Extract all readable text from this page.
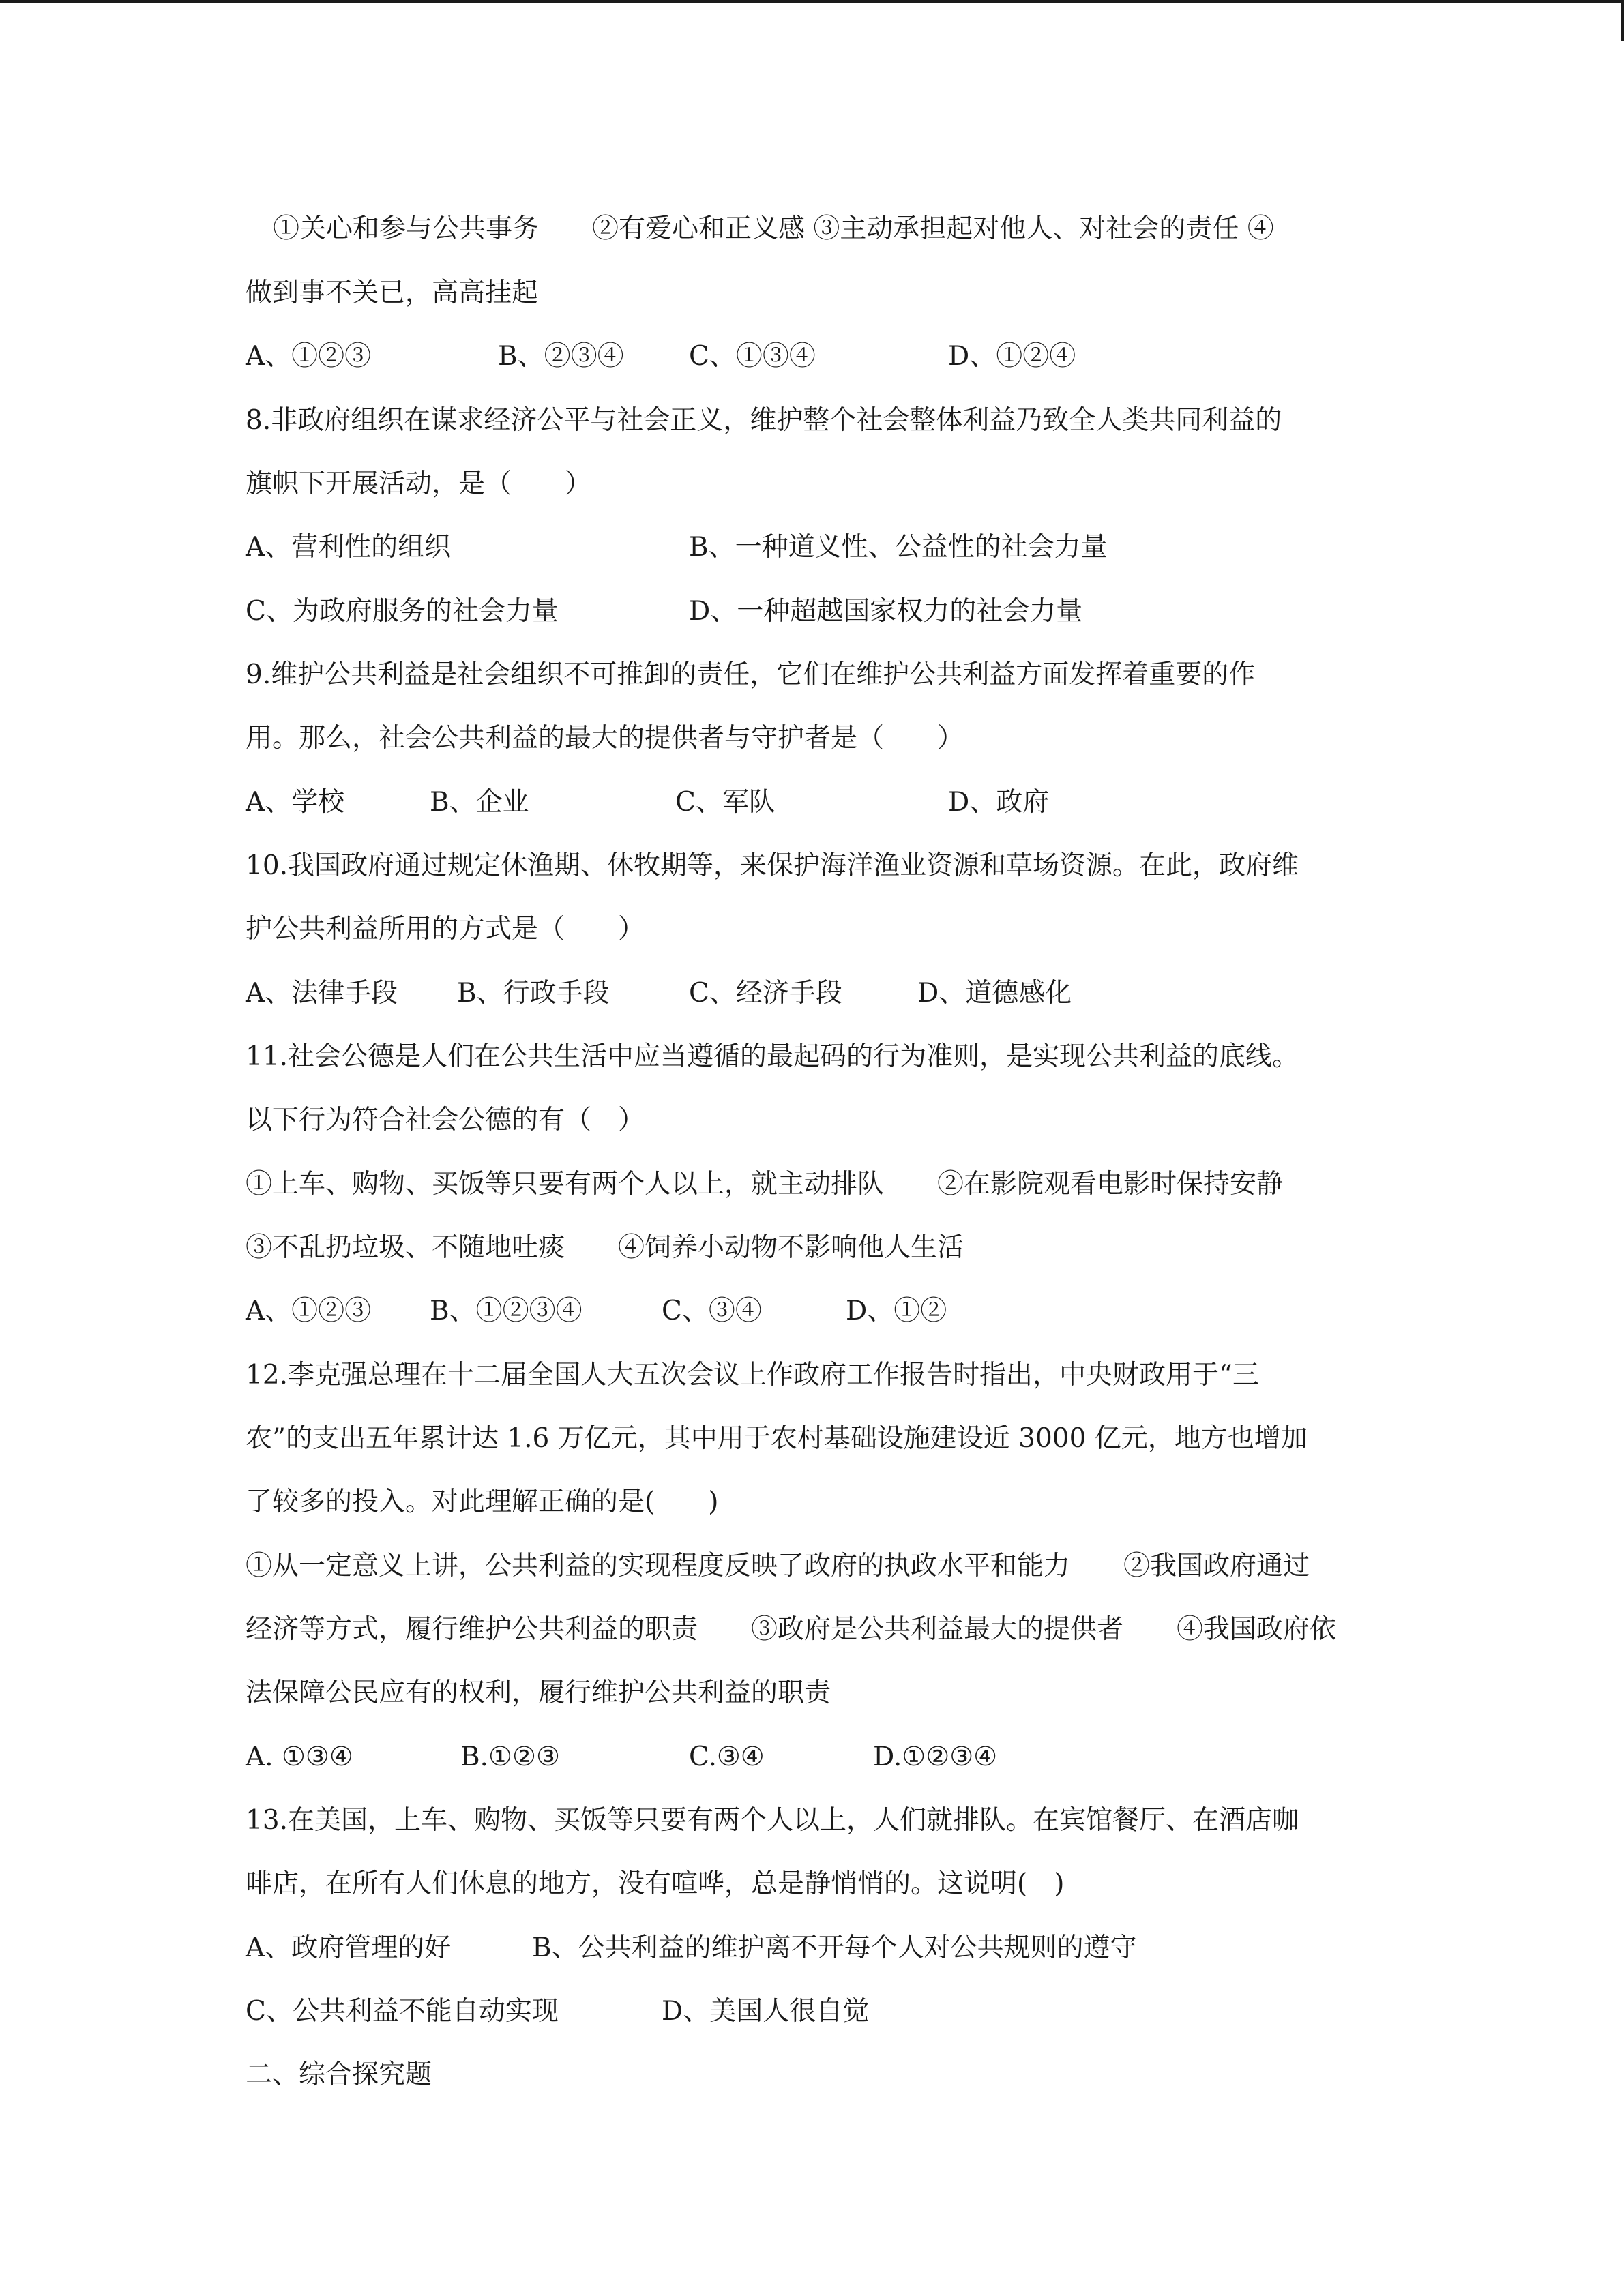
①关心和参与公共事务　　②有爱心和正义感 ③主动承担起对他人、对社会的责任 ④
做到事不关已，高高挂起
A、①②③	B、②③④ C、①③④	D、①②④
8.非政府组织在谋求经济公平与社会正义，维护整个社会整体利益乃致全人类共同利益的
旗帜下开展活动，是（　　）
A、营利性的组织	B、一种道义性、公益性的社会力量
C、为政府服务的社会力量	D、一种超越国家权力的社会力量
9.维护公共利益是社会组织不可推卸的责任，它们在维护公共利益方面发挥着重要的作
用。那么，社会公共利益的最大的提供者与守护者是（　　）
A、学校	B、企业	C、军队	D、政府
10.我国政府通过规定休渔期、休牧期等，来保护海洋渔业资源和草场资源。在此，政府维
护公共利益所用的方式是（　　）
A、法律手段 B、行政手段	C、经济手段	D、道德感化
11.社会公德是人们在公共生活中应当遵循的最起码的行为准则，是实现公共利益的底线。
以下行为符合社会公德的有（　）
①上车、购物、买饭等只要有两个人以上，就主动排队　　②在影院观看电影时保持安静
③不乱扔垃圾、不随地吐痰　　④饲养小动物不影响他人生活
A、①②③ B、①②③④	C、③④	D、①②
12.李克强总理在十二届全国人大五次会议上作政府工作报告时指出，中央财政用于“三
农”的支出五年累计达 1.6 万亿元，其中用于农村基础设施建设近 3000 亿元，地方也增加
了较多的投入。对此理解正确的是(　　)
①从一定意义上讲，公共利益的实现程度反映了政府的执政水平和能力　　②我国政府通过
经济等方式，履行维护公共利益的职责　　③政府是公共利益最大的提供者　　④我国政府依
法保障公民应有的权利，履行维护公共利益的职责
A. ①③④	B.①②③	C.③④	D.①②③④
13.在美国，上车、购物、买饭等只要有两个人以上，人们就排队。在宾馆餐厅、在酒店咖
啡店，在所有人们休息的地方，没有喧哗，总是静悄悄的。这说明(　)
A、政府管理的好	B、公共利益的维护离不开每个人对公共规则的遵守
C、公共利益不能自动实现	D、美国人很自觉
二、综合探究题
